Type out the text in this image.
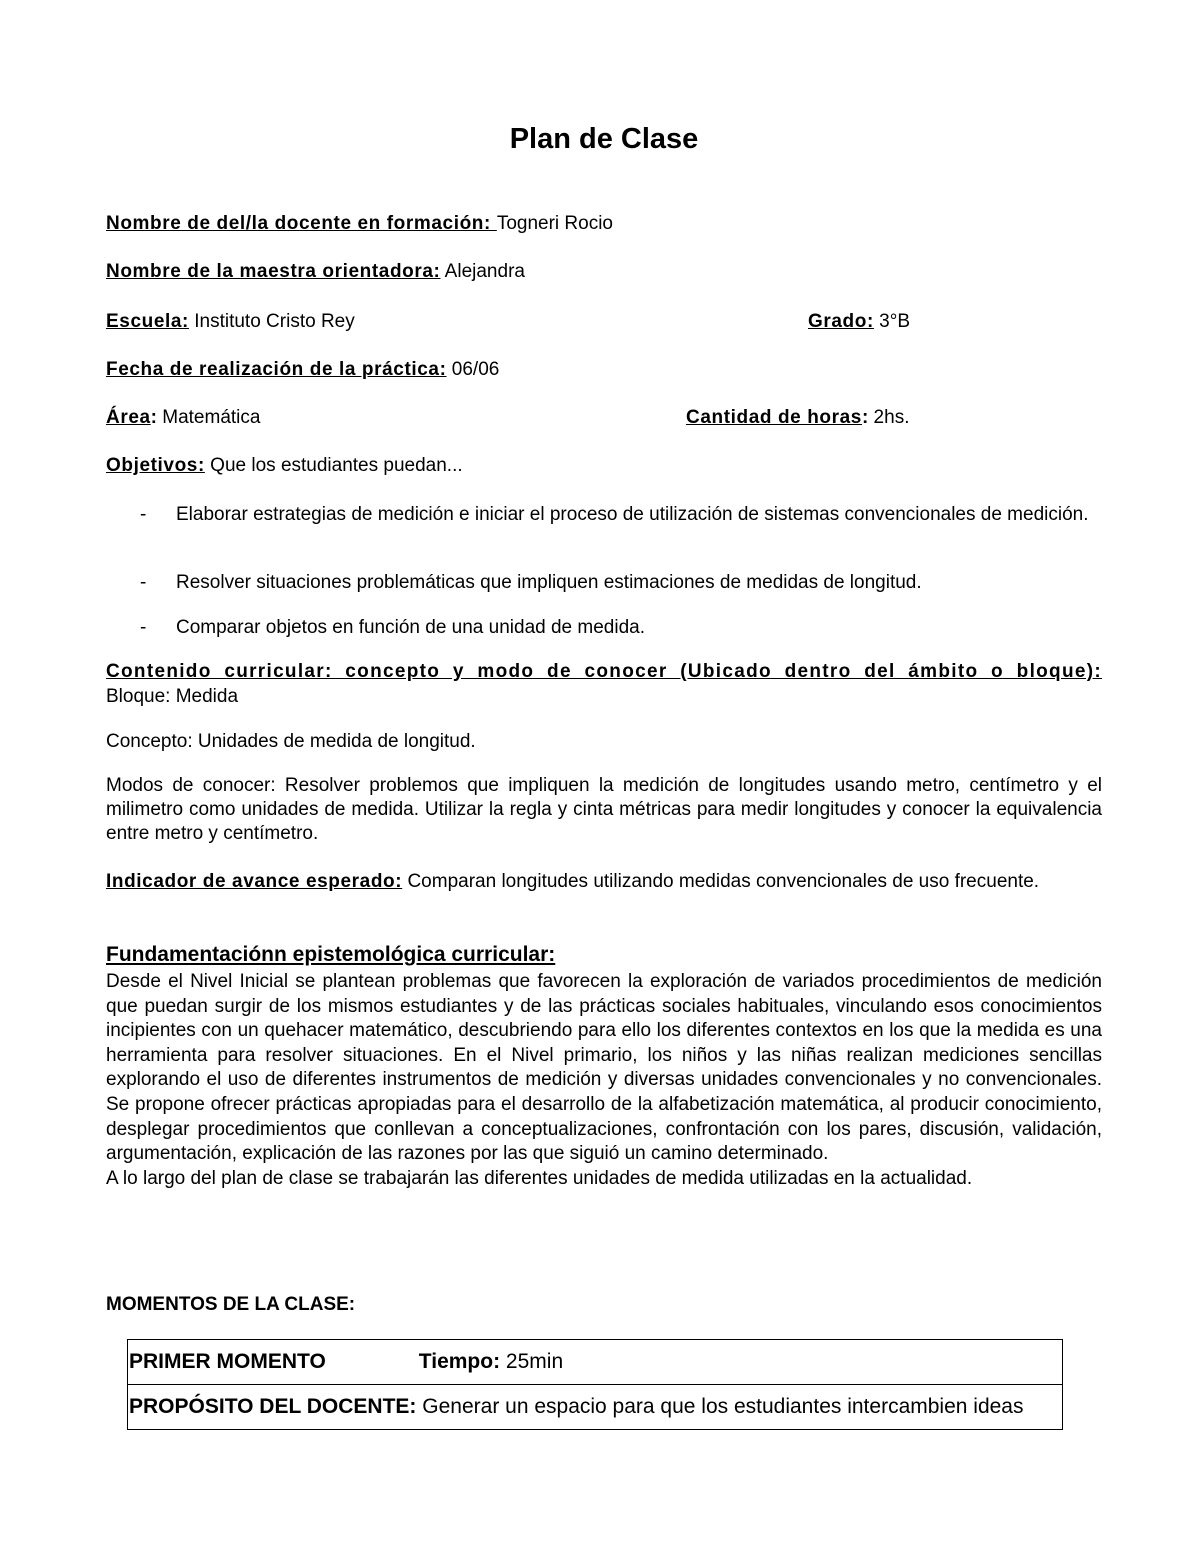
Plan de Clase
Nombre de del/la docente en formación: Togneri Rocio
Nombre de la maestra orientadora: Alejandra
Escuela: Instituto Cristo Rey	Grado: 3°B
Fecha de realización de la práctica: 06/06
Área: Matemática	Cantidad de horas: 2hs.
Objetivos: Que los estudiantes puedan...
- Elaborar estrategias de medición e iniciar el proceso de utilización de sistemas convencionales de medición.
- Resolver situaciones problemáticas que impliquen estimaciones de medidas de longitud.
- Comparar objetos en función de una unidad de medida.
Contenido curricular: concepto y modo de conocer (Ubicado dentro del ámbito o bloque):
Bloque: Medida
Concepto: Unidades de medida de longitud.
Modos de conocer: Resolver problemos que impliquen la medición de longitudes usando metro, centímetro y el milimetro como unidades de medida. Utilizar la regla y cinta métricas para medir longitudes y conocer la equivalencia entre metro y centímetro.
Indicador de avance esperado: Comparan longitudes utilizando medidas convencionales de uso frecuente.
Fundamentaciónn epistemológica curricular:

Desde el Nivel Inicial se plantean problemas que favorecen la exploración de variados procedimientos de medición que puedan surgir de los mismos estudiantes y de las prácticas sociales habituales, vinculando esos conocimientos incipientes con un quehacer matemático, descubriendo para ello los diferentes contextos en los que la medida es una herramienta para resolver situaciones. En el Nivel primario, los niños y las niñas realizan mediciones sencillas explorando el uso de diferentes instrumentos de medición y diversas unidades convencionales y no convencionales. Se propone ofrecer prácticas apropiadas para el desarrollo de la alfabetización matemática, al producir conocimiento, desplegar procedimientos que conllevan a conceptualizaciones, confrontación con los pares, discusión, validación, argumentación, explicación de las razones por las que siguió un camino determinado.

A lo largo del plan de clase se trabajarán las diferentes unidades de medida utilizadas en la actualidad.

MOMENTOS DE LA CLASE:
PRIMER MOMENTO	Tiempo: 25min

PROPÓSITO DEL DOCENTE: Generar un espacio para que los estudiantes intercambien ideas
